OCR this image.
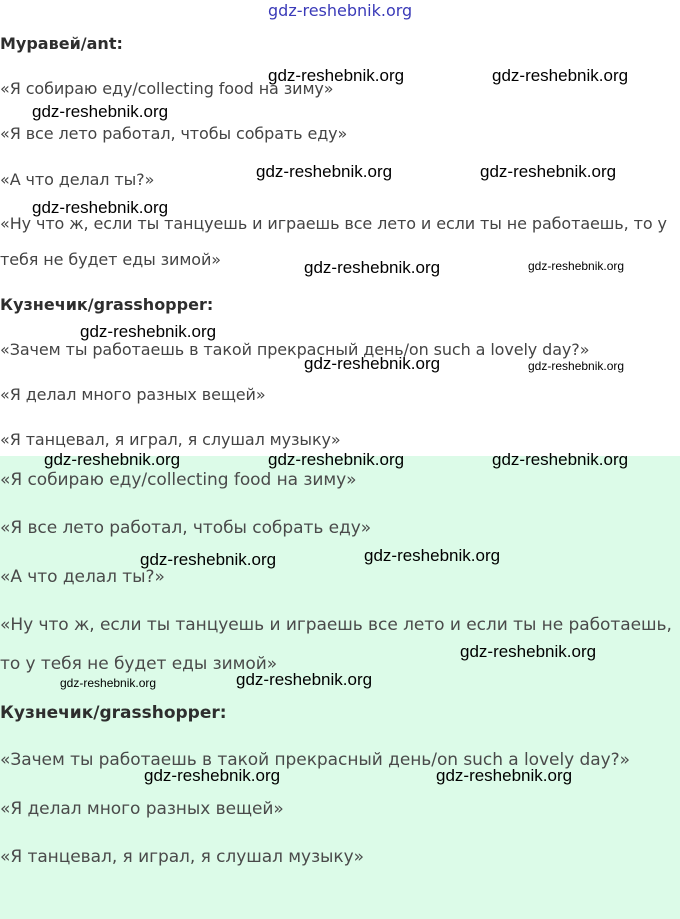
gdz-reshebnik.org
Муравей/ant:
«Я собираю еду/collecting food на зиму»
«Я все лето работал, чтобы собрать еду»
«А что делал ты?»
«Ну что ж, если ты танцуешь и играешь все лето и если ты не работаешь, то у
тебя не будет еды зимой»
Кузнечик/grasshopper:
«Зачем ты работаешь в такой прекрасный день/on such a lovely day?»
«Я делал много разных вещей»
«Я танцевал, я играл, я слушал музыку»
«Я собираю еду/collecting food на зиму»
«Я все лето работал, чтобы собрать еду»
«А что делал ты?»
«Ну что ж, если ты танцуешь и играешь все лето и если ты не работаешь,
то у тебя не будет еды зимой»
Кузнечик/grasshopper:
«Зачем ты работаешь в такой прекрасный день/on such a lovely day?»
«Я делал много разных вещей»
«Я танцевал, я играл, я слушал музыку»
gdz-reshebnik.org	gdz-reshebnik.org
gdz-reshebnik.org
gdz-reshebnik.org	gdz-reshebnik.org
gdz-reshebnik.org
gdz-reshebnik.org	gdz-reshebnik.org
gdz-reshebnik.org
gdz-reshebnik.org	gdz-reshebnik.org
gdz-reshebnik.org	gdz-reshebnik.org	gdz-reshebnik.org
gdz-reshebnik.org	gdz-reshebnik.org
gdz-reshebnik.org
gdz-reshebnik.org	gdz-reshebnik.org
gdz-reshebnik.org	gdz-reshebnik.org
